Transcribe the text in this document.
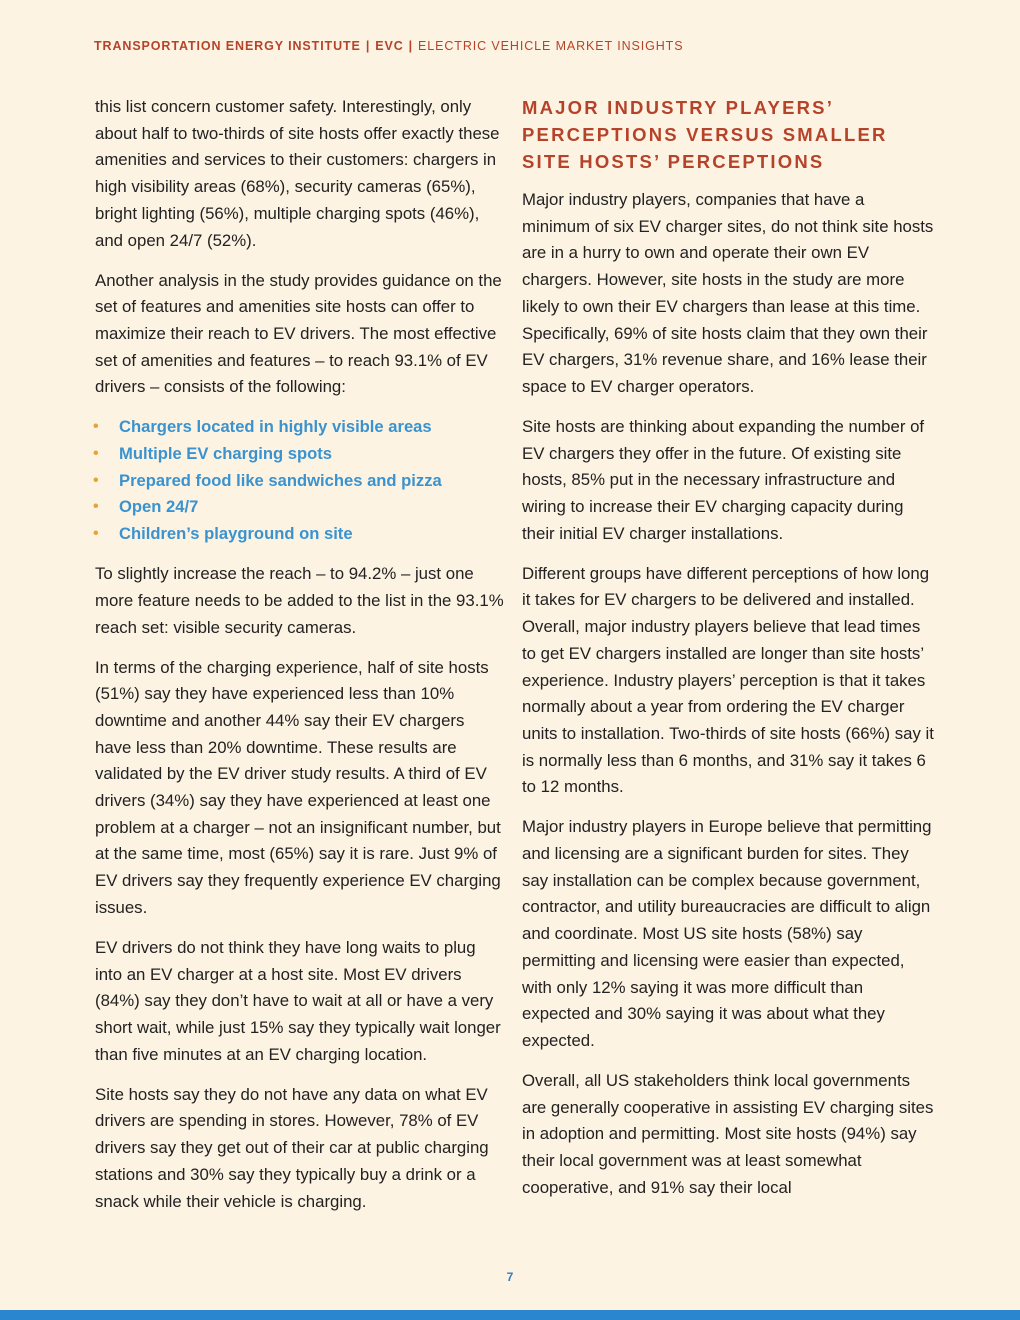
TRANSPORTATION ENERGY INSTITUTE | EVC | ELECTRIC VEHICLE MARKET INSIGHTS

this list concern customer safety. Interestingly, only about half to two-thirds of site hosts offer exactly these amenities and services to their customers: chargers in high visibility areas (68%), security cameras (65%), bright lighting (56%), multiple charging spots (46%), and open 24/7 (52%).

Another analysis in the study provides guidance on the set of features and amenities site hosts can offer to maximize their reach to EV drivers. The most effective set of amenities and features – to reach 93.1% of EV drivers – consists of the following:

• Chargers located in highly visible areas
• Multiple EV charging spots
• Prepared food like sandwiches and pizza
• Open 24/7
• Children’s playground on site

To slightly increase the reach – to 94.2% – just one more feature needs to be added to the list in the 93.1% reach set: visible security cameras.

In terms of the charging experience, half of site hosts (51%) say they have experienced less than 10% downtime and another 44% say their EV chargers have less than 20% downtime. These results are validated by the EV driver study results. A third of EV drivers (34%) say they have experienced at least one problem at a charger – not an insignificant number, but at the same time, most (65%) say it is rare. Just 9% of EV drivers say they frequently experience EV charging issues.

EV drivers do not think they have long waits to plug into an EV charger at a host site. Most EV drivers (84%) say they don’t have to wait at all or have a very short wait, while just 15% say they typically wait longer than five minutes at an EV charging location.

Site hosts say they do not have any data on what EV drivers are spending in stores. However, 78% of EV drivers say they get out of their car at public charging stations and 30% say they typically buy a drink or a snack while their vehicle is charging.

MAJOR INDUSTRY PLAYERS’ PERCEPTIONS VERSUS SMALLER SITE HOSTS’ PERCEPTIONS

Major industry players, companies that have a minimum of six EV charger sites, do not think site hosts are in a hurry to own and operate their own EV chargers. However, site hosts in the study are more likely to own their EV chargers than lease at this time. Specifically, 69% of site hosts claim that they own their EV chargers, 31% revenue share, and 16% lease their space to EV charger operators.

Site hosts are thinking about expanding the number of EV chargers they offer in the future. Of existing site hosts, 85% put in the necessary infrastructure and wiring to increase their EV charging capacity during their initial EV charger installations.

Different groups have different perceptions of how long it takes for EV chargers to be delivered and installed. Overall, major industry players believe that lead times to get EV chargers installed are longer than site hosts’ experience. Industry players’ perception is that it takes normally about a year from ordering the EV charger units to installation. Two-thirds of site hosts (66%) say it is normally less than 6 months, and 31% say it takes 6 to 12 months.

Major industry players in Europe believe that permitting and licensing are a significant burden for sites. They say installation can be complex because government, contractor, and utility bureaucracies are difficult to align and coordinate. Most US site hosts (58%) say permitting and licensing were easier than expected, with only 12% saying it was more difficult than expected and 30% saying it was about what they expected.

Overall, all US stakeholders think local governments are generally cooperative in assisting EV charging sites in adoption and permitting. Most site hosts (94%) say their local government was at least somewhat cooperative, and 91% say their local

7
